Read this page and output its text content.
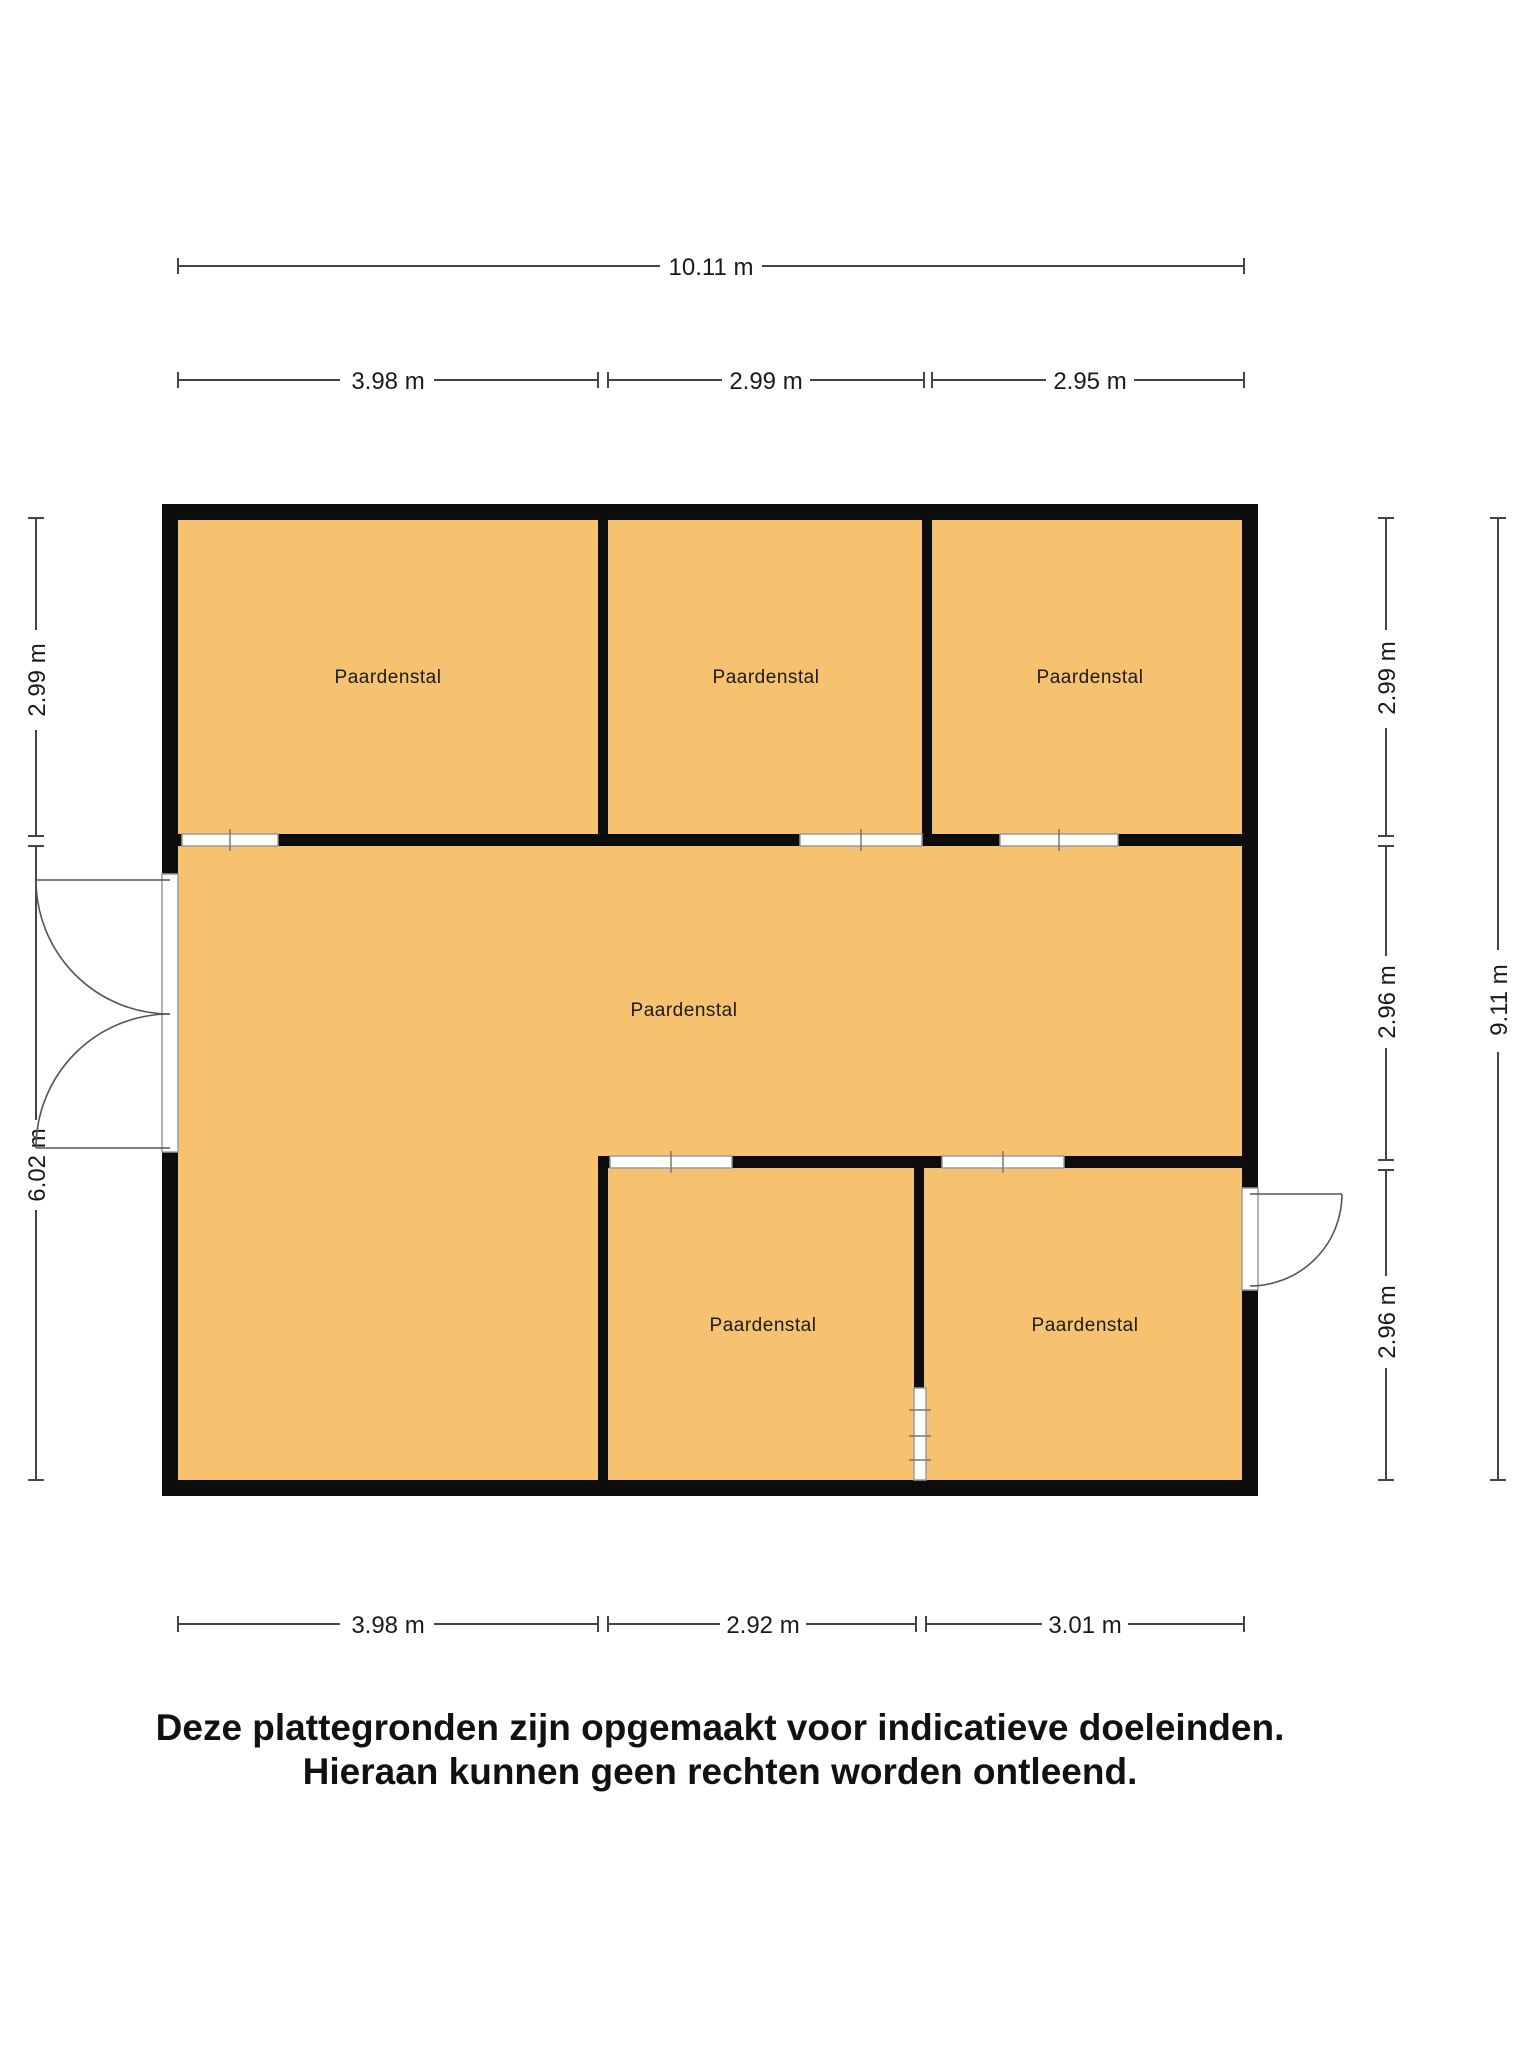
10.11 m
3.98 m	2.99 m	2.95 m
3.98 m	2.92 m	3.01 m
2.99 m
6.02 m
2.99 m
2.96 m
2.96 m
9.11 m
Paardenstal	Paardenstal	Paardenstal
Paardenstal
Paardenstal	Paardenstal
Deze plattegronden zijn opgemaakt voor indicatieve doeleinden.
Hieraan kunnen geen rechten worden ontleend.
